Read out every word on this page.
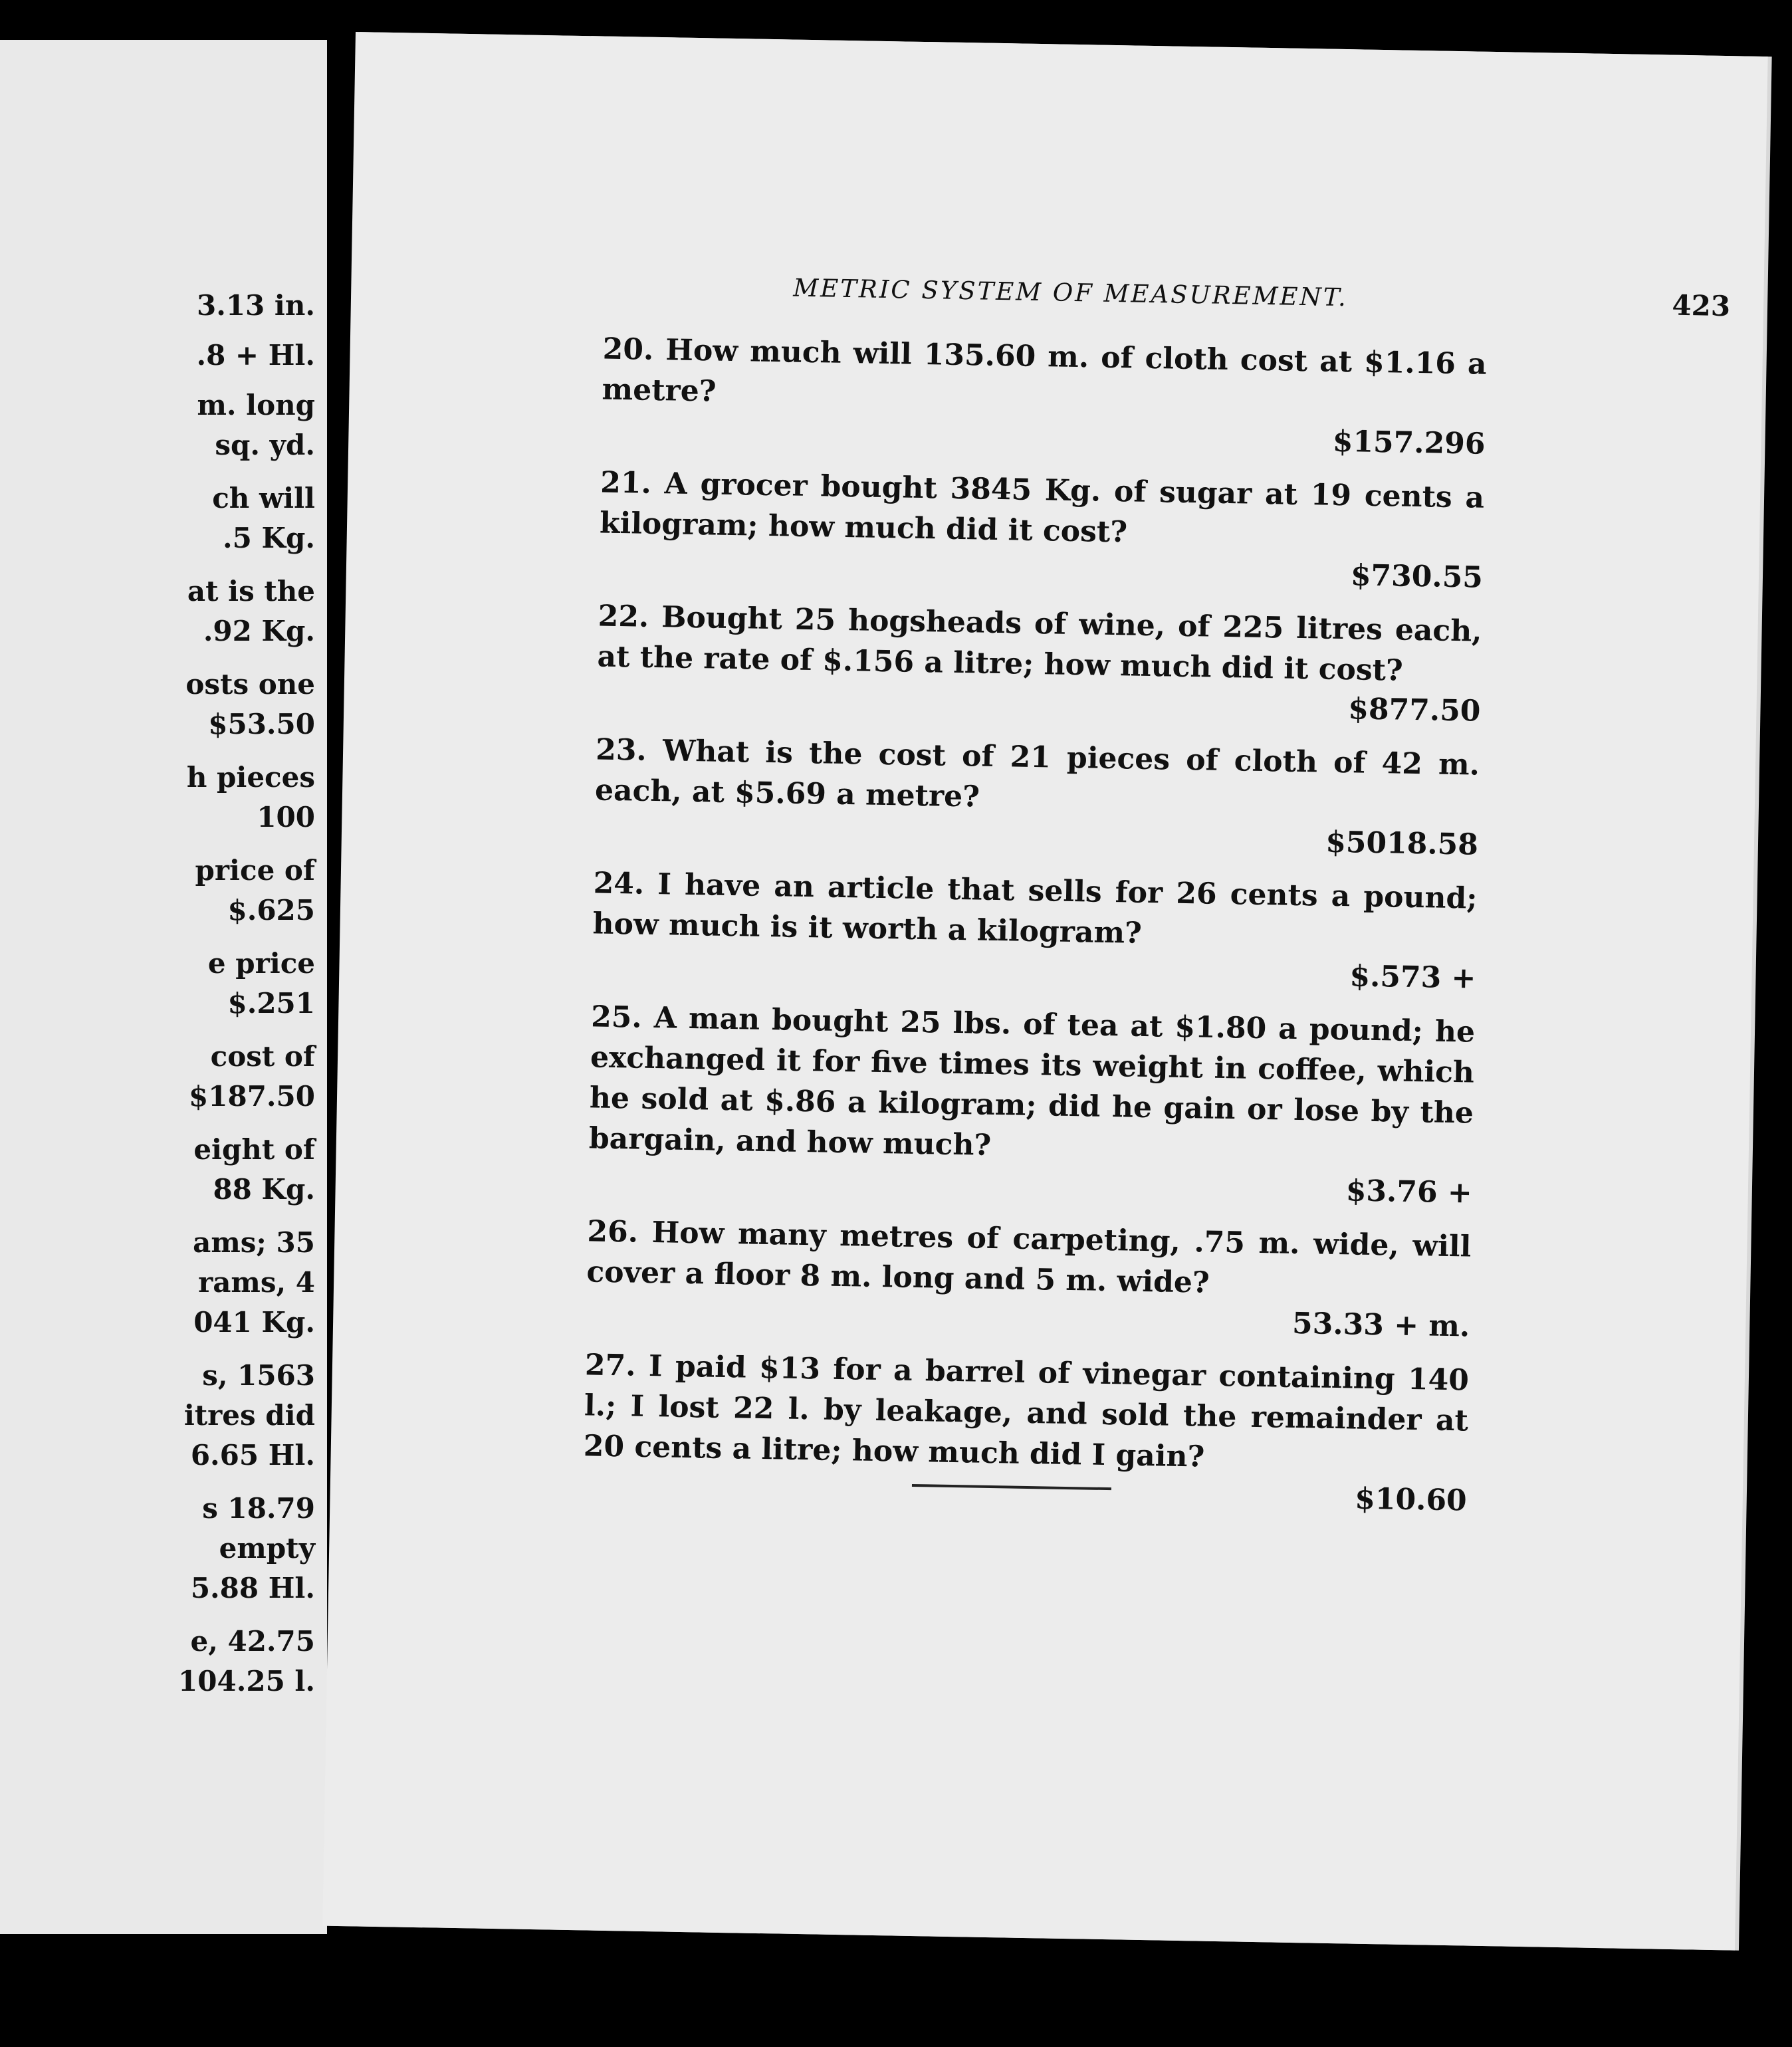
3.13 in.
.8 + Hl.
m. long
sq. yd.
ch will
.5 Kg.
at is the
.92 Kg.
osts one
$53.50
h pieces
100
price of
$.625
e price
$.251
cost of
$187.50
eight of
88 Kg.
ams; 35
rams, 4
041 Kg.
s, 1563
itres did
6.65 Hl.
s 18.79
empty
5.88 Hl.
e, 42.75
104.25 l.
METRIC SYSTEM OF MEASUREMENT.	423
20. How much will 135.60 m. of cloth cost at $1.16 a metre?
$157.296
21. A grocer bought 3845 Kg. of sugar at 19 cents a kilogram; how much did it cost?
$730.55
22. Bought 25 hogsheads of wine, of 225 litres each, at the rate of $.156 a litre; how much did it cost?
$877.50
23. What is the cost of 21 pieces of cloth of 42 m. each, at $5.69 a metre?
$5018.58
24. I have an article that sells for 26 cents a pound; how much is it worth a kilogram?
$.573 +
25. A man bought 25 lbs. of tea at $1.80 a pound; he exchanged it for five times its weight in coffee, which he sold at $.86 a kilogram; did he gain or lose by the bargain, and how much?
$3.76 +
26. How many metres of carpeting, .75 m. wide, will cover a floor 8 m. long and 5 m. wide?
53.33 + m.
27. I paid $13 for a barrel of vinegar containing 140 l.; I lost 22 l. by leakage, and sold the remainder at 20 cents a litre; how much did I gain?
$10.60
